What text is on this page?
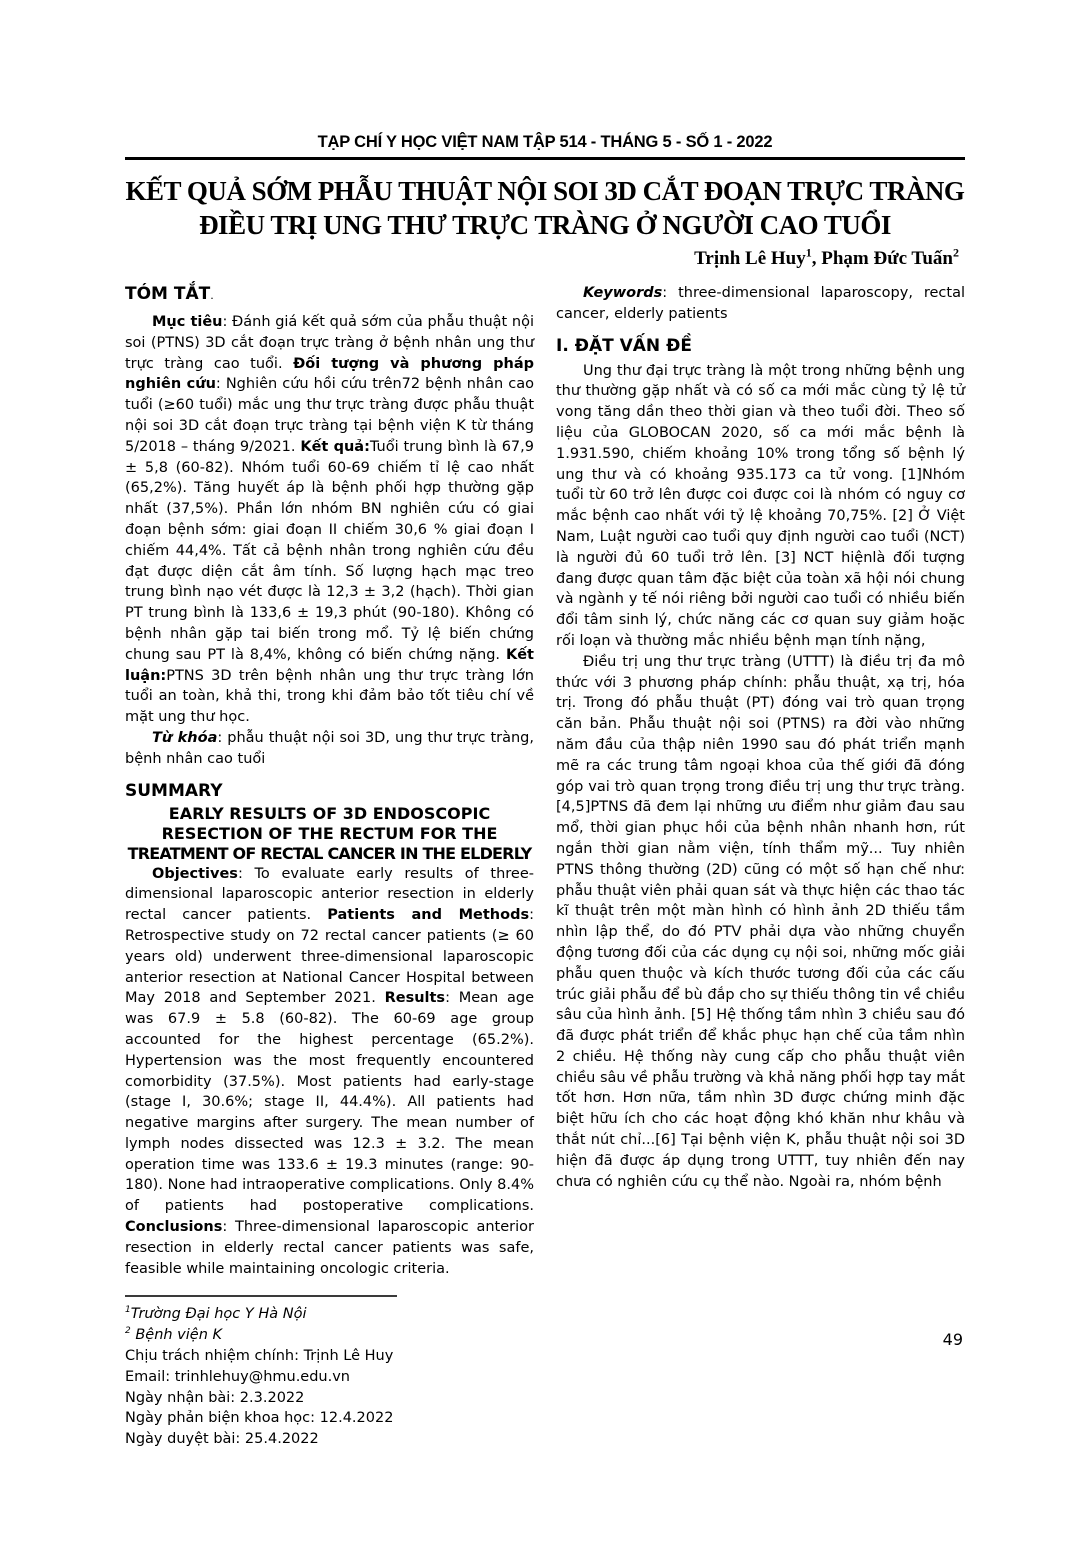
TẠP CHÍ Y HỌC VIỆT NAM TẬP 514 - THÁNG 5 - SỐ 1 - 2022
KẾT QUẢ SỚM PHẪU THUẬT NỘI SOI 3D CẮT ĐOẠN TRỰC TRÀNG
ĐIỀU TRỊ UNG THƯ TRỰC TRÀNG Ở NGƯỜI CAO TUỔI
Trịnh Lê Huy$^1$, Phạm Đức Tuấn$^2$
TÓM TẮT.

Mục tiêu: Đánh giá kết quả sớm của phẫu thuật nội soi (PTNS) 3D cắt đoạn trực tràng ở bệnh nhân ung thư trực tràng cao tuổi. Đối tượng và phương pháp nghiên cứu: Nghiên cứu hồi cứu trên72 bệnh nhân cao tuổi (≥60 tuổi) mắc ung thư trực tràng được phẫu thuật nội soi 3D cắt đoạn trực tràng tại bệnh viện K từ tháng 5/2018 – tháng 9/2021. Kết quả:Tuổi trung bình là 67,9 ± 5,8 (60-82). Nhóm tuổi 60-69 chiếm tỉ lệ cao nhất (65,2%). Tăng huyết áp là bệnh phối hợp thường gặp nhất (37,5%). Phần lớn nhóm BN nghiên cứu có giai đoạn bệnh sớm: giai đoạn II chiếm 30,6 % giai đoạn I chiếm 44,4%. Tất cả bệnh nhân trong nghiên cứu đều đạt được diện cắt âm tính. Số lượng hạch mạc treo trung bình nạo vét được là 12,3 ± 3,2 (hạch). Thời gian PT trung bình là 133,6 ± 19,3 phút (90-180). Không có bệnh nhân gặp tai biến trong mổ. Tỷ lệ biến chứng chung sau PT là 8,4%, không có biến chứng nặng. Kết luận:PTNS 3D trên bệnh nhân ung thư trực tràng lớn tuổi an toàn, khả thi, trong khi đảm bảo tốt tiêu chí về mặt ung thư học.

Từ khóa: phẫu thuật nội soi 3D, ung thư trực tràng, bệnh nhân cao tuổi

SUMMARY
EARLY RESULTS OF 3D ENDOSCOPIC
RESECTION OF THE RECTUM FOR THE
TREATMENT OF RECTAL CANCER IN THE ELDERLY

Objectives: To evaluate early results of three-dimensional laparoscopic anterior resection in elderly rectal cancer patients. Patients and Methods: Retrospective study on 72 rectal cancer patients (≥ 60 years old) underwent three-dimensional laparoscopic anterior resection at National Cancer Hospital between May 2018 and September 2021. Results: Mean age was 67.9 ± 5.8 (60-82). The 60-69 age group accounted for the highest percentage (65.2%). Hypertension was the most frequently encountered comorbidity (37.5%). Most patients had early-stage (stage I, 30.6%; stage II, 44.4%). All patients had negative margins after surgery. The mean number of lymph nodes dissected was 12.3 ± 3.2. The mean operation time was 133.6 ± 19.3 minutes (range: 90-180). None had intraoperative complications. Only 8.4% of patients had postoperative complications. Conclusions: Three-dimensional laparoscopic anterior resection in elderly rectal cancer patients was safe, feasible while maintaining oncologic criteria.

$^1$Trường Đại học Y Hà Nội
$^2$ Bệnh viện K
Chịu trách nhiệm chính: Trịnh Lê Huy
Email: trinhlehuy@hmu.edu.vn
Ngày nhận bài: 2.3.2022
Ngày phản biện khoa học: 12.4.2022
Ngày duyệt bài: 25.4.2022

Keywords: three-dimensional laparoscopy, rectal cancer, elderly patients

I. ĐẶT VẤN ĐỀ

Ung thư đại trực tràng là một trong những bệnh ung thư thường gặp nhất và có số ca mới mắc cùng tỷ lệ tử vong tăng dần theo thời gian và theo tuổi đời. Theo số liệu của GLOBOCAN 2020, số ca mới mắc bệnh là 1.931.590, chiếm khoảng 10% trong tổng số bệnh lý ung thư và có khoảng 935.173 ca tử vong. [1]Nhóm tuổi từ 60 trở lên được coi được coi là nhóm có nguy cơ mắc bệnh cao nhất với tỷ lệ khoảng 70,75%. [2] Ở Việt Nam, Luật người cao tuổi quy định người cao tuổi (NCT) là người đủ 60 tuổi trở lên. [3] NCT hiệnlà đối tượng đang được quan tâm đặc biệt của toàn xã hội nói chung và ngành y tế nói riêng bởi người cao tuổi có nhiều biến đổi tâm sinh lý, chức năng các cơ quan suy giảm hoặc rối loạn và thường mắc nhiều bệnh mạn tính nặng,

Điều trị ung thư trực tràng (UTTT) là điều trị đa mô thức với 3 phương pháp chính: phẫu thuật, xạ trị, hóa trị. Trong đó phẫu thuật (PT) đóng vai trò quan trọng căn bản. Phẫu thuật nội soi (PTNS) ra đời vào những năm đầu của thập niên 1990 sau đó phát triển mạnh mẽ ra các trung tâm ngoại khoa của thế giới đã đóng góp vai trò quan trọng trong điều trị ung thư trực tràng. [4,5]PTNS đã đem lại những ưu điểm như giảm đau sau mổ, thời gian phục hồi của bệnh nhân nhanh hơn, rút ngắn thời gian nằm viện, tính thẩm mỹ... Tuy nhiên PTNS thông thường (2D) cũng có một số hạn chế như: phẫu thuật viên phải quan sát và thực hiện các thao tác kĩ thuật trên một màn hình có hình ảnh 2D thiếu tầm nhìn lập thể, do đó PTV phải dựa vào những chuyển động tương đối của các dụng cụ nội soi, những mốc giải phẫu quen thuộc và kích thước tương đối của các cấu trúc giải phẫu để bù đắp cho sự thiếu thông tin về chiều sâu của hình ảnh. [5] Hệ thống tầm nhìn 3 chiều sau đó đã được phát triển để khắc phục hạn chế của tầm nhìn 2 chiều. Hệ thống này cung cấp cho phẫu thuật viên chiều sâu về phẫu trường và khả năng phối hợp tay mắt tốt hơn. Hơn nữa, tầm nhìn 3D được chứng minh đặc biệt hữu ích cho các hoạt động khó khăn như khâu và thắt nút chỉ...[6] Tại bệnh viện K, phẫu thuật nội soi 3D hiện đã được áp dụng trong UTTT, tuy nhiên đến nay chưa có nghiên cứu cụ thể nào. Ngoài ra, nhóm bệnh

49
